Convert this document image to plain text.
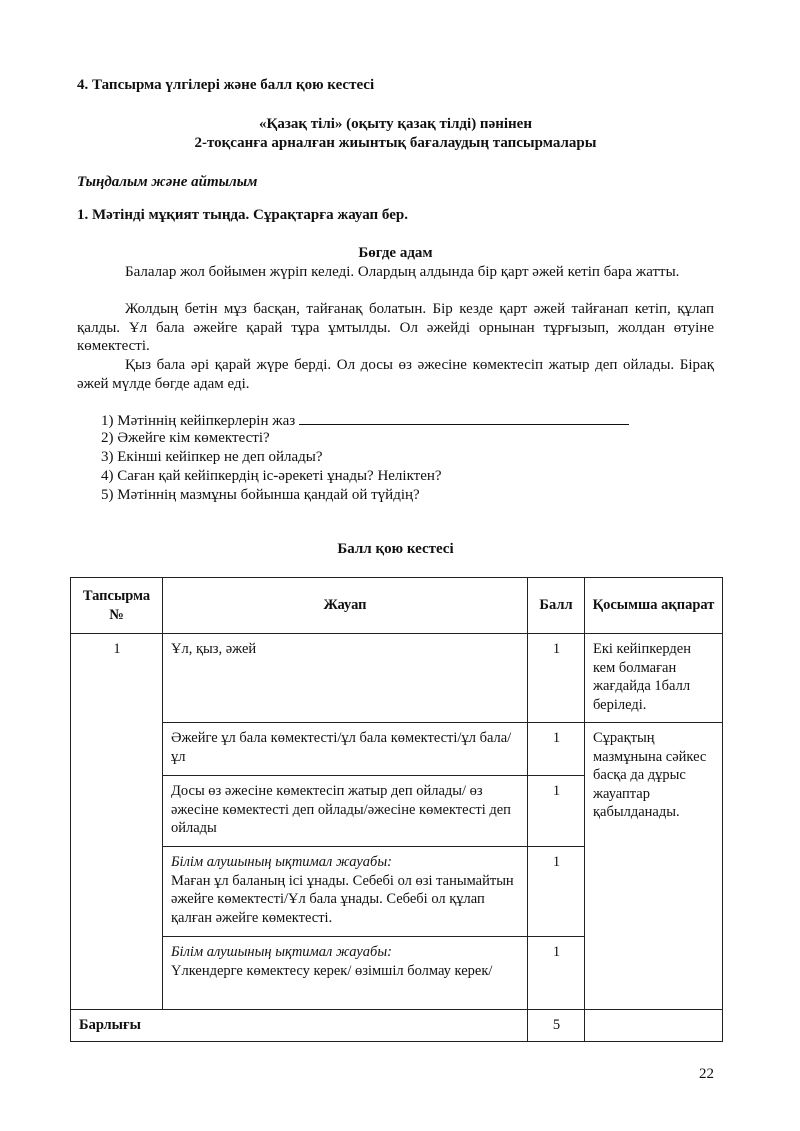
4. Тапсырма үлгілері және балл қою кестесі
«Қазақ тілі» (оқыту қазақ тілді) пәнінен
2-тоқсанға арналған жиынтық бағалаудың тапсырмалары
Тыңдалым және айтылым
1. Мәтінді мұқият тыңда. Сұрақтарға жауап бер.
Бөгде адам
Балалар жол бойымен жүріп келеді. Олардың алдында бір қарт әжей кетіп бара жатты.
Жолдың бетін мұз басқан, тайғанақ болатын. Бір кезде қарт әжей тайғанап кетіп, құлап қалды. Ұл бала әжейге қарай тұра ұмтылды. Ол әжейді орнынан тұрғызып, жолдан өтуіне көмектесті.
Қыз бала әрі қарай жүре берді. Ол досы өз әжесіне көмектесіп жатыр деп ойлады. Бірақ әжей мүлде бөгде адам еді.
1) Мәтіннің кейіпкерлерін жаз
2) Әжейге кім көмектесті?
3) Екінші кейіпкер не деп ойлады?
4) Саған қай кейіпкердің іс-әрекеті ұнады? Неліктен?
5) Мәтіннің мазмұны бойынша қандай ой түйдің?
Балл қою кестесі
Тапсырма №	Жауап	Балл	Қосымша ақпарат
1	Ұл, қыз, әжей	1	Екі кейіпкерден кем болмаған жағдайда 1балл беріледі.
	Әжейге ұл бала көмектесті/ұл бала көмектесті/ұл бала/ұл	1	Сұрақтың мазмұнына сәйкес басқа да дұрыс жауаптар қабылданады.
	Досы өз әжесіне көмектесіп жатыр деп ойлады/ өз әжесіне көмектесті деп ойлады/әжесіне көмектесті деп ойлады	1	

	Білім алушының ықтимал жауабы:
Маған ұл баланың ісі ұнады. Себебі ол өзі танымайтын әжейге көмектесті/Ұл бала ұнады. Себебі ол құлап қалған әжейге көмектесті.	1	

	Білім алушының ықтимал жауабы:
Үлкендерге көмектесу керек/ өзімшіл болмау керек/	1	
Барлығы		5	
22
